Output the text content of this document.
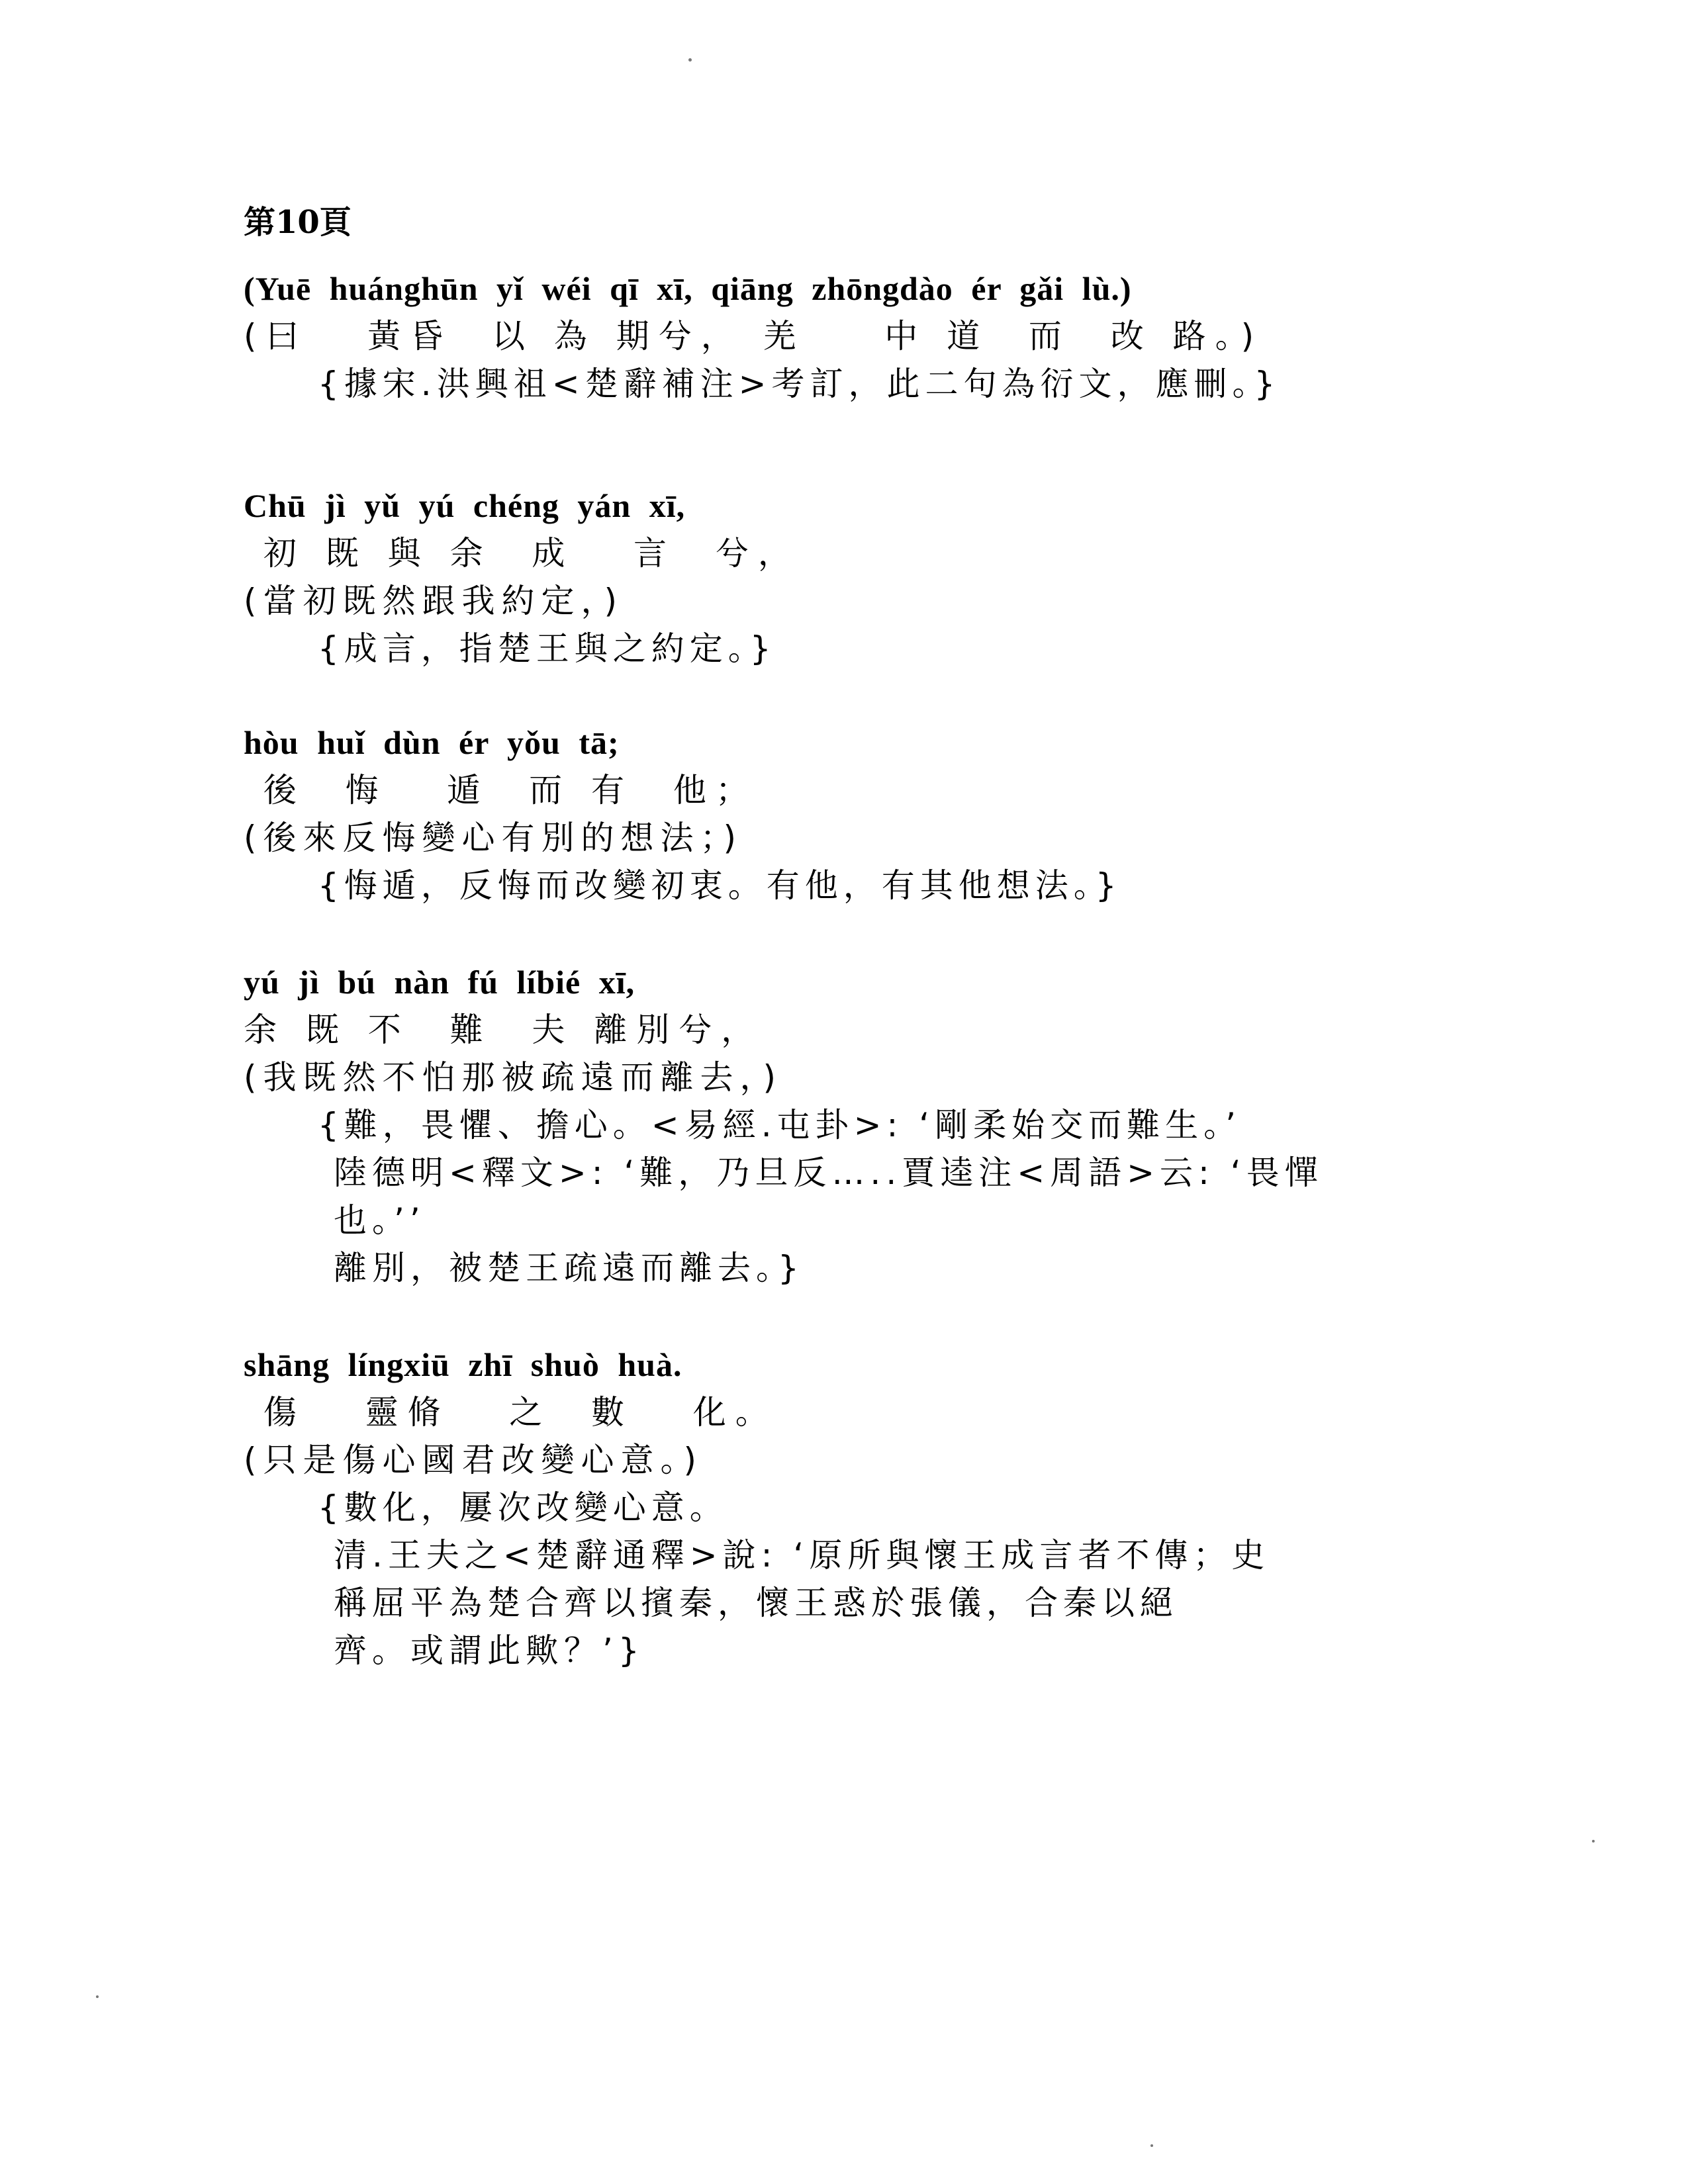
第10頁
(Yuē huánghūn yǐ wéi qī xī, qiāng zhōngdào ér gǎi lù.)
(曰   黃昏  以 為 期兮， 羌    中 道  而  改 路。)
{據宋.洪興祖<楚辭補注>考訂，此二句為衍文，應刪。}
Chū jì yǔ yú chéng yán xī,
初 既 與 余  成   言  兮，
(當初既然跟我約定，)
{成言，指楚王與之約定。}
hòu huǐ dùn ér yǒu tā;
後  悔   遁  而 有  他；
(後來反悔變心有別的想法；)
{悔遁，反悔而改變初衷。有他，有其他想法。}
yú jì bú nàn fú líbié xī,
余 既 不  難  夫 離別兮，
(我既然不怕那被疏遠而離去，)
{難，畏懼、擔心。<易經.屯卦>: ‘剛柔始交而難生。’
陸德明<釋文>: ‘難，乃旦反…..賈逵注<周語>云: ‘畏憚
也。’’
離別，被楚王疏遠而離去。}
shāng língxiū zhī shuò huà.
傷   靈脩   之  數   化。
(只是傷心國君改變心意。)
{數化，屢次改變心意。
清.王夫之<楚辭通釋>說: ‘原所與懷王成言者不傳；史
稱屈平為楚合齊以擯秦，懷王惑於張儀，合秦以絕
齊。或謂此歟？’}
